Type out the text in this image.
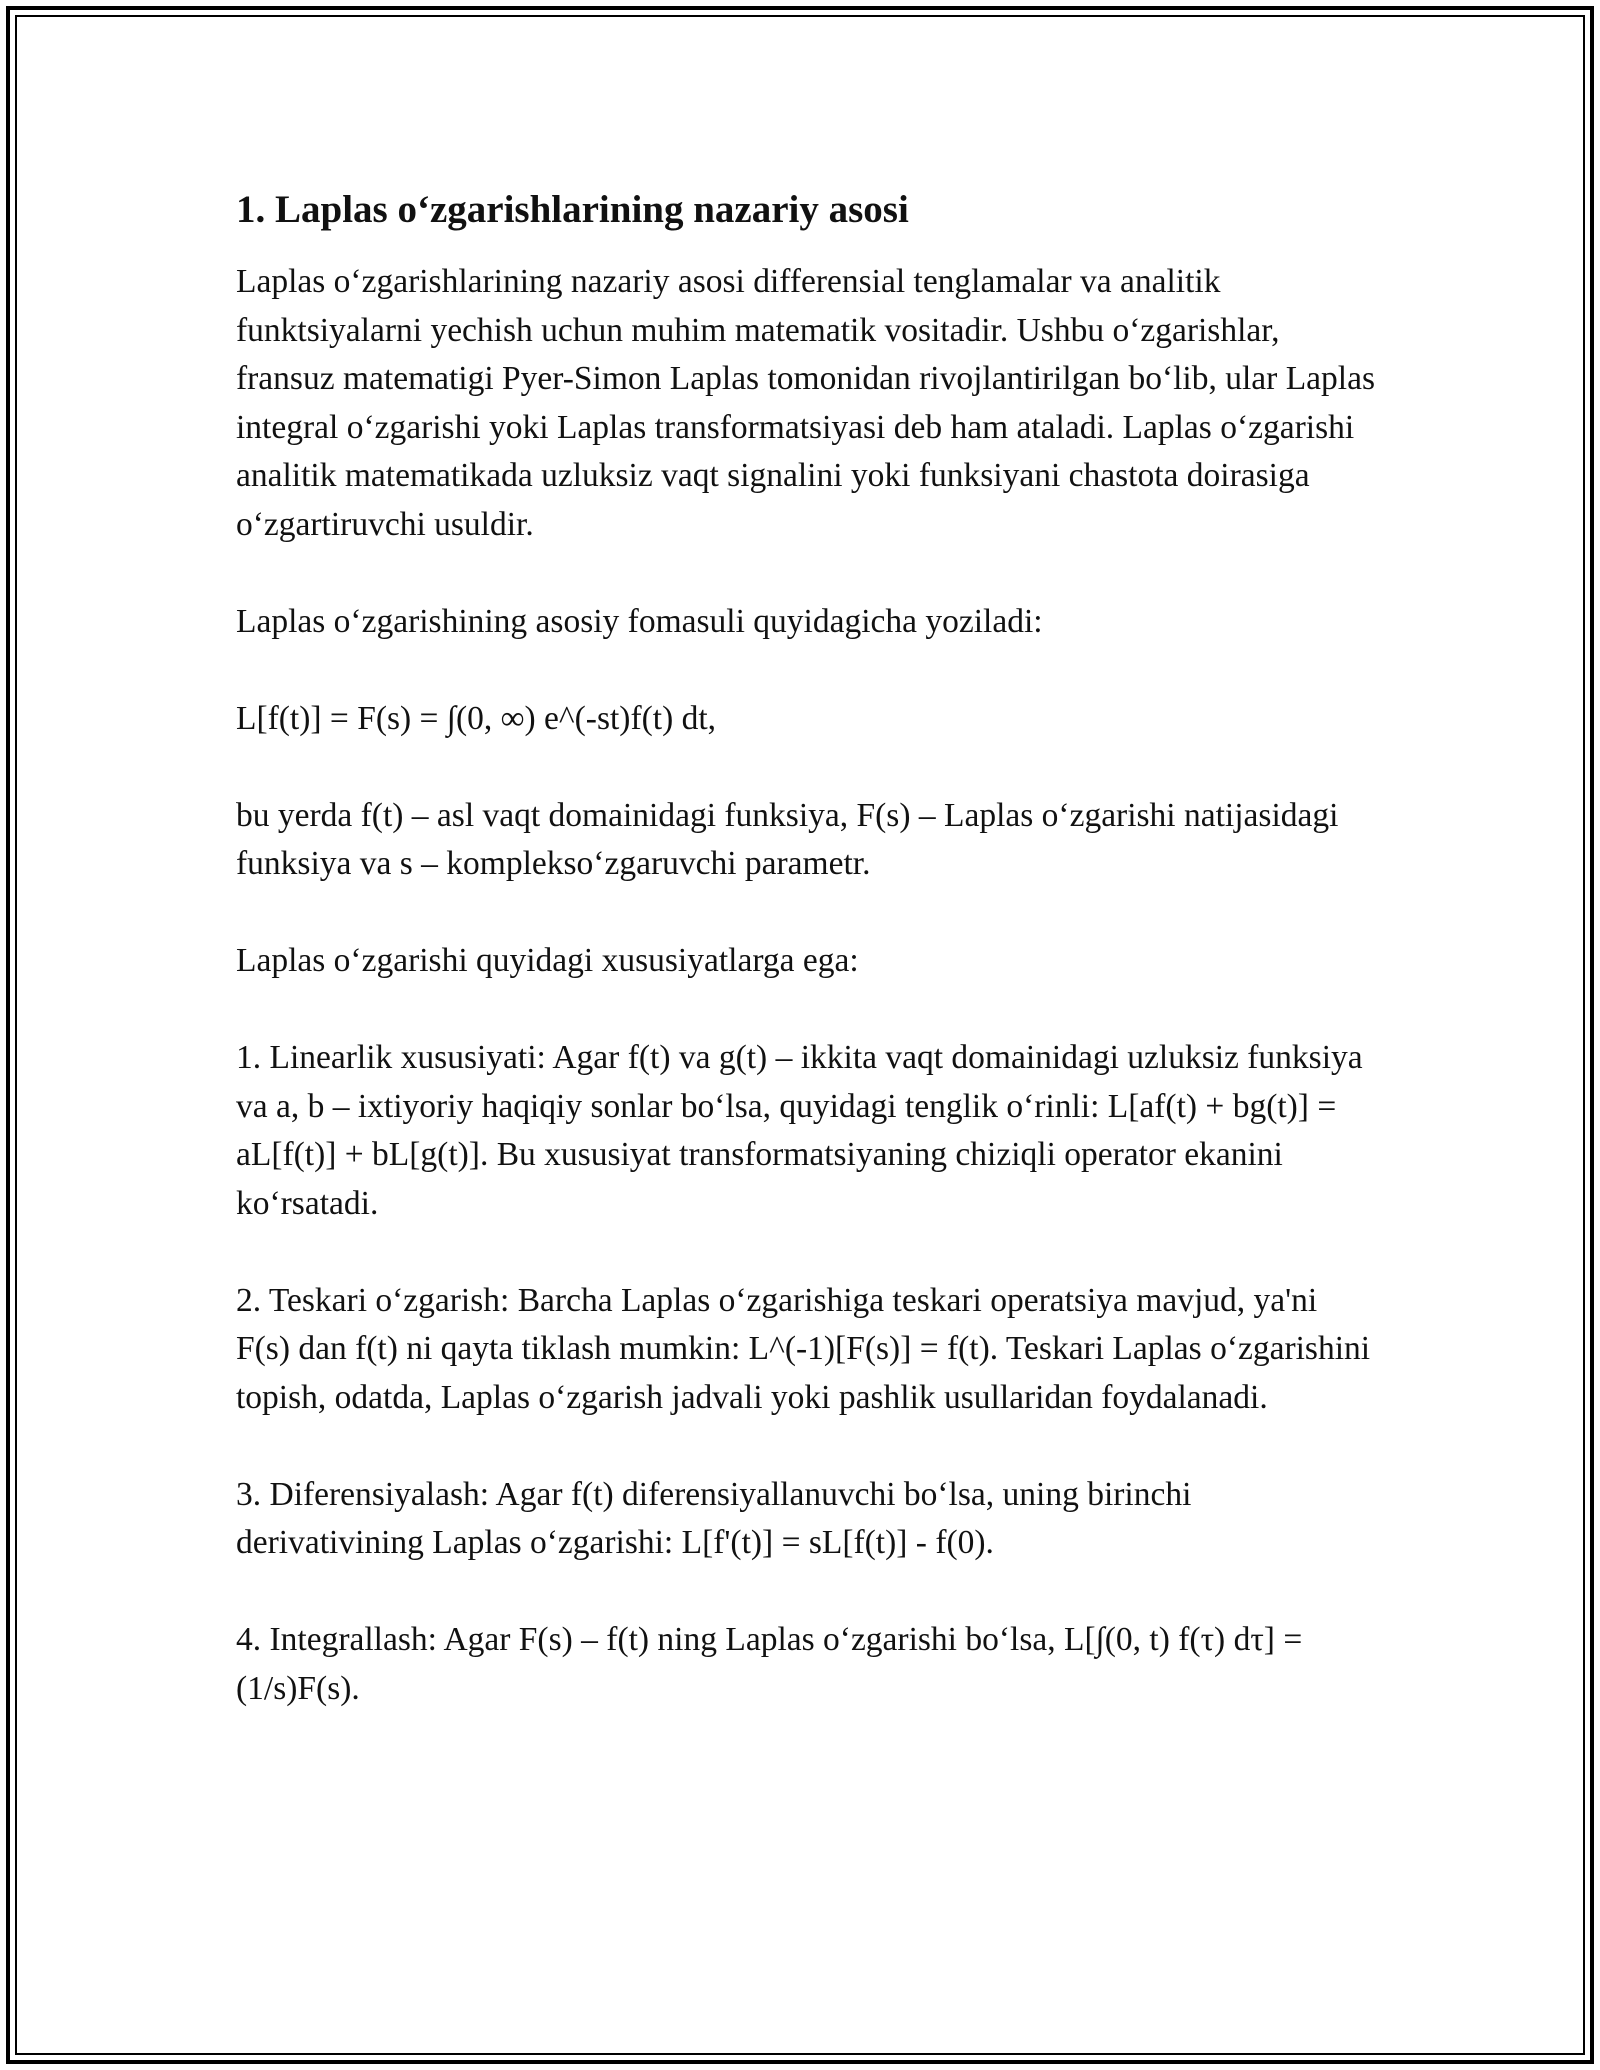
1. Laplas o‘zgarishlarining nazariy asosi

Laplas o‘zgarishlarining nazariy asosi differensial tenglamalar va analitik funktsiyalarni yechish uchun muhim matematik vositadir. Ushbu o‘zgarishlar, fransuz matematigi Pyer-Simon Laplas tomonidan rivojlantirilgan bo‘lib, ular Laplas integral o‘zgarishi yoki Laplas transformatsiyasi deb ham ataladi. Laplas o‘zgarishi analitik matematikada uzluksiz vaqt signalini yoki funksiyani chastota doirasiga o‘zgartiruvchi usuldir.

Laplas o‘zgarishining asosiy fomasuli quyidagicha yoziladi:

L[f(t)] = F(s) = ∫(0, ∞) e^(-st)f(t) dt,

bu yerda f(t) – asl vaqt domainidagi funksiya, F(s) – Laplas o‘zgarishi natijasidagi funksiya va s – komplekso‘zgaruvchi parametr.

Laplas o‘zgarishi quyidagi xususiyatlarga ega:

1. Linearlik xususiyati: Agar f(t) va g(t) – ikkita vaqt domainidagi uzluksiz funksiya va a, b – ixtiyoriy haqiqiy sonlar bo‘lsa, quyidagi tenglik o‘rinli: L[af(t) + bg(t)] = aL[f(t)] + bL[g(t)]. Bu xususiyat transformatsiyaning chiziqli operator ekanini ko‘rsatadi.

2. Teskari o‘zgarish: Barcha Laplas o‘zgarishiga teskari operatsiya mavjud, ya'ni F(s) dan f(t) ni qayta tiklash mumkin: L^(-1)[F(s)] = f(t). Teskari Laplas o‘zgarishini topish, odatda, Laplas o‘zgarish jadvali yoki pashlik usullaridan foydalanadi.

3. Diferensiyalash: Agar f(t) diferensiyallanuvchi bo‘lsa, uning birinchi derivativining Laplas o‘zgarishi: L[f'(t)] = sL[f(t)] - f(0).

4. Integrallash: Agar F(s) – f(t) ning Laplas o‘zgarishi bo‘lsa, L[∫(0, t) f(τ) dτ] = (1/s)F(s).
